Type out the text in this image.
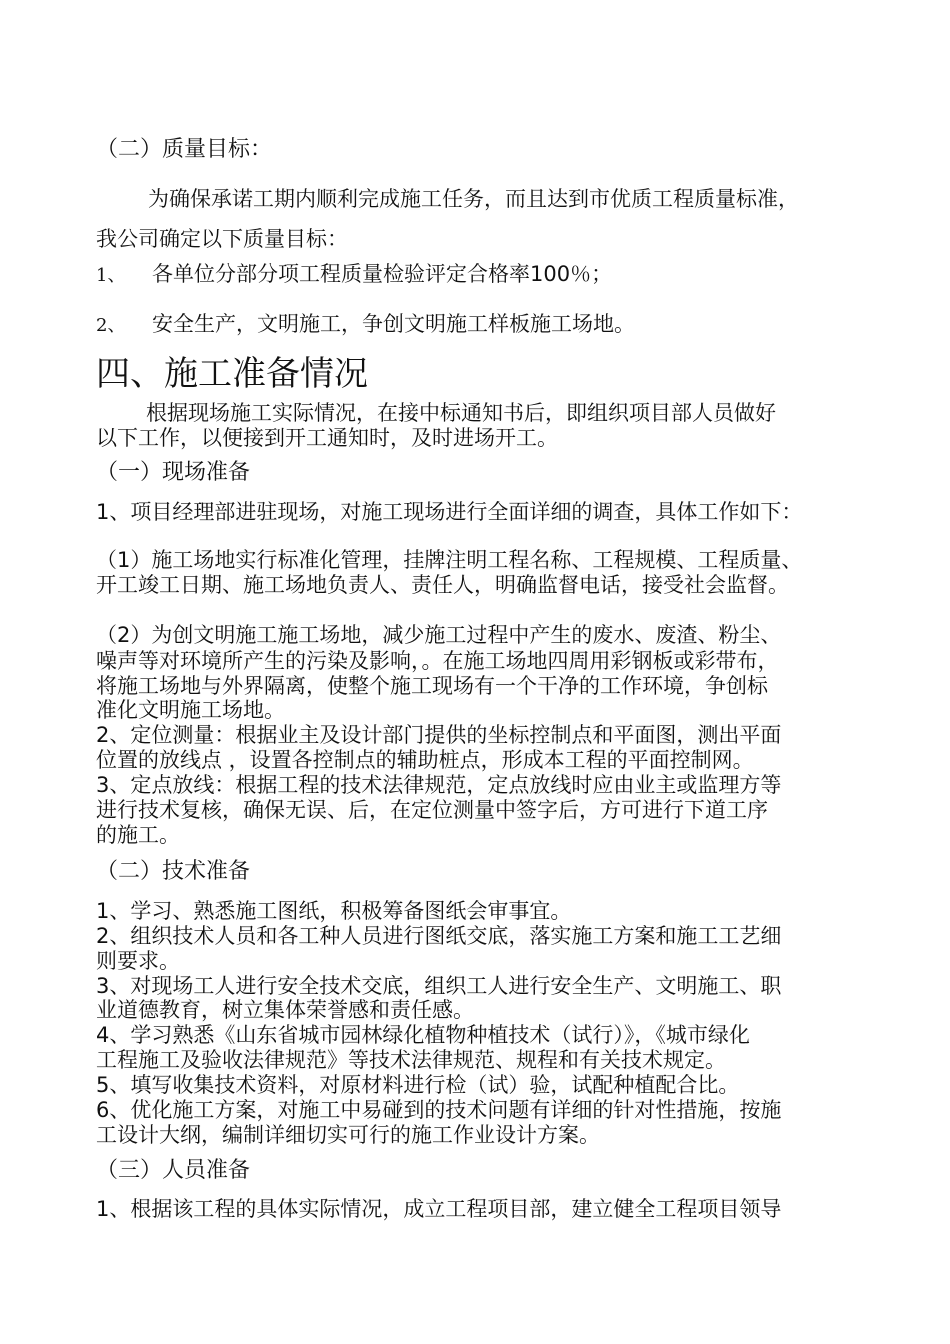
（二）质量目标：

为确保承诺工期内顺利完成施工任务，而且达到市优质工程质量标准，

我公司确定以下质量目标：

1、 各单位分部分项工程质量检验评定合格率100％；

2、 安全生产，文明施工，争创文明施工样板施工场地。

四、施工准备情况

根据现场施工实际情况，在接中标通知书后，即组织项目部人员做好

以下工作，以便接到开工通知时，及时进场开工。

（一）现场准备

1、项目经理部进驻现场，对施工现场进行全面详细的调查，具体工作如下：

（1）施工场地实行标准化管理，挂牌注明工程名称、工程规模、工程质量、

开工竣工日期、施工场地负责人、责任人，明确监督电话，接受社会监督。

（2）为创文明施工施工场地，减少施工过程中产生的废水、废渣、粉尘、

噪声等对环境所产生的污染及影响，。在施工场地四周用彩钢板或彩带布，

将施工场地与外界隔离，使整个施工现场有一个干净的工作环境，争创标

准化文明施工场地。

2、定位测量：根据业主及设计部门提供的坐标控制点和平面图，测出平面

位置的放线点 ，设置各控制点的辅助桩点，形成本工程的平面控制网。

3、定点放线：根据工程的技术法律规范，定点放线时应由业主或监理方等

进行技术复核，确保无误、后，在定位测量中签字后，方可进行下道工序

的施工。

（二）技术准备

1、学习、熟悉施工图纸，积极筹备图纸会审事宜。

2、组织技术人员和各工种人员进行图纸交底，落实施工方案和施工工艺细

则要求。

3、对现场工人进行安全技术交底，组织工人进行安全生产、文明施工、职

业道德教育，树立集体荣誉感和责任感。

4、学习熟悉《山东省城市园林绿化植物种植技术（试行）》，《城市绿化

工程施工及验收法律规范》等技术法律规范、规程和有关技术规定。

5、填写收集技术资料，对原材料进行检（试）验，试配种植配合比。

6、优化施工方案，对施工中易碰到的技术问题有详细的针对性措施，按施

工设计大纲，编制详细切实可行的施工作业设计方案。

（三）人员准备

1、根据该工程的具体实际情况，成立工程项目部，建立健全工程项目领导
